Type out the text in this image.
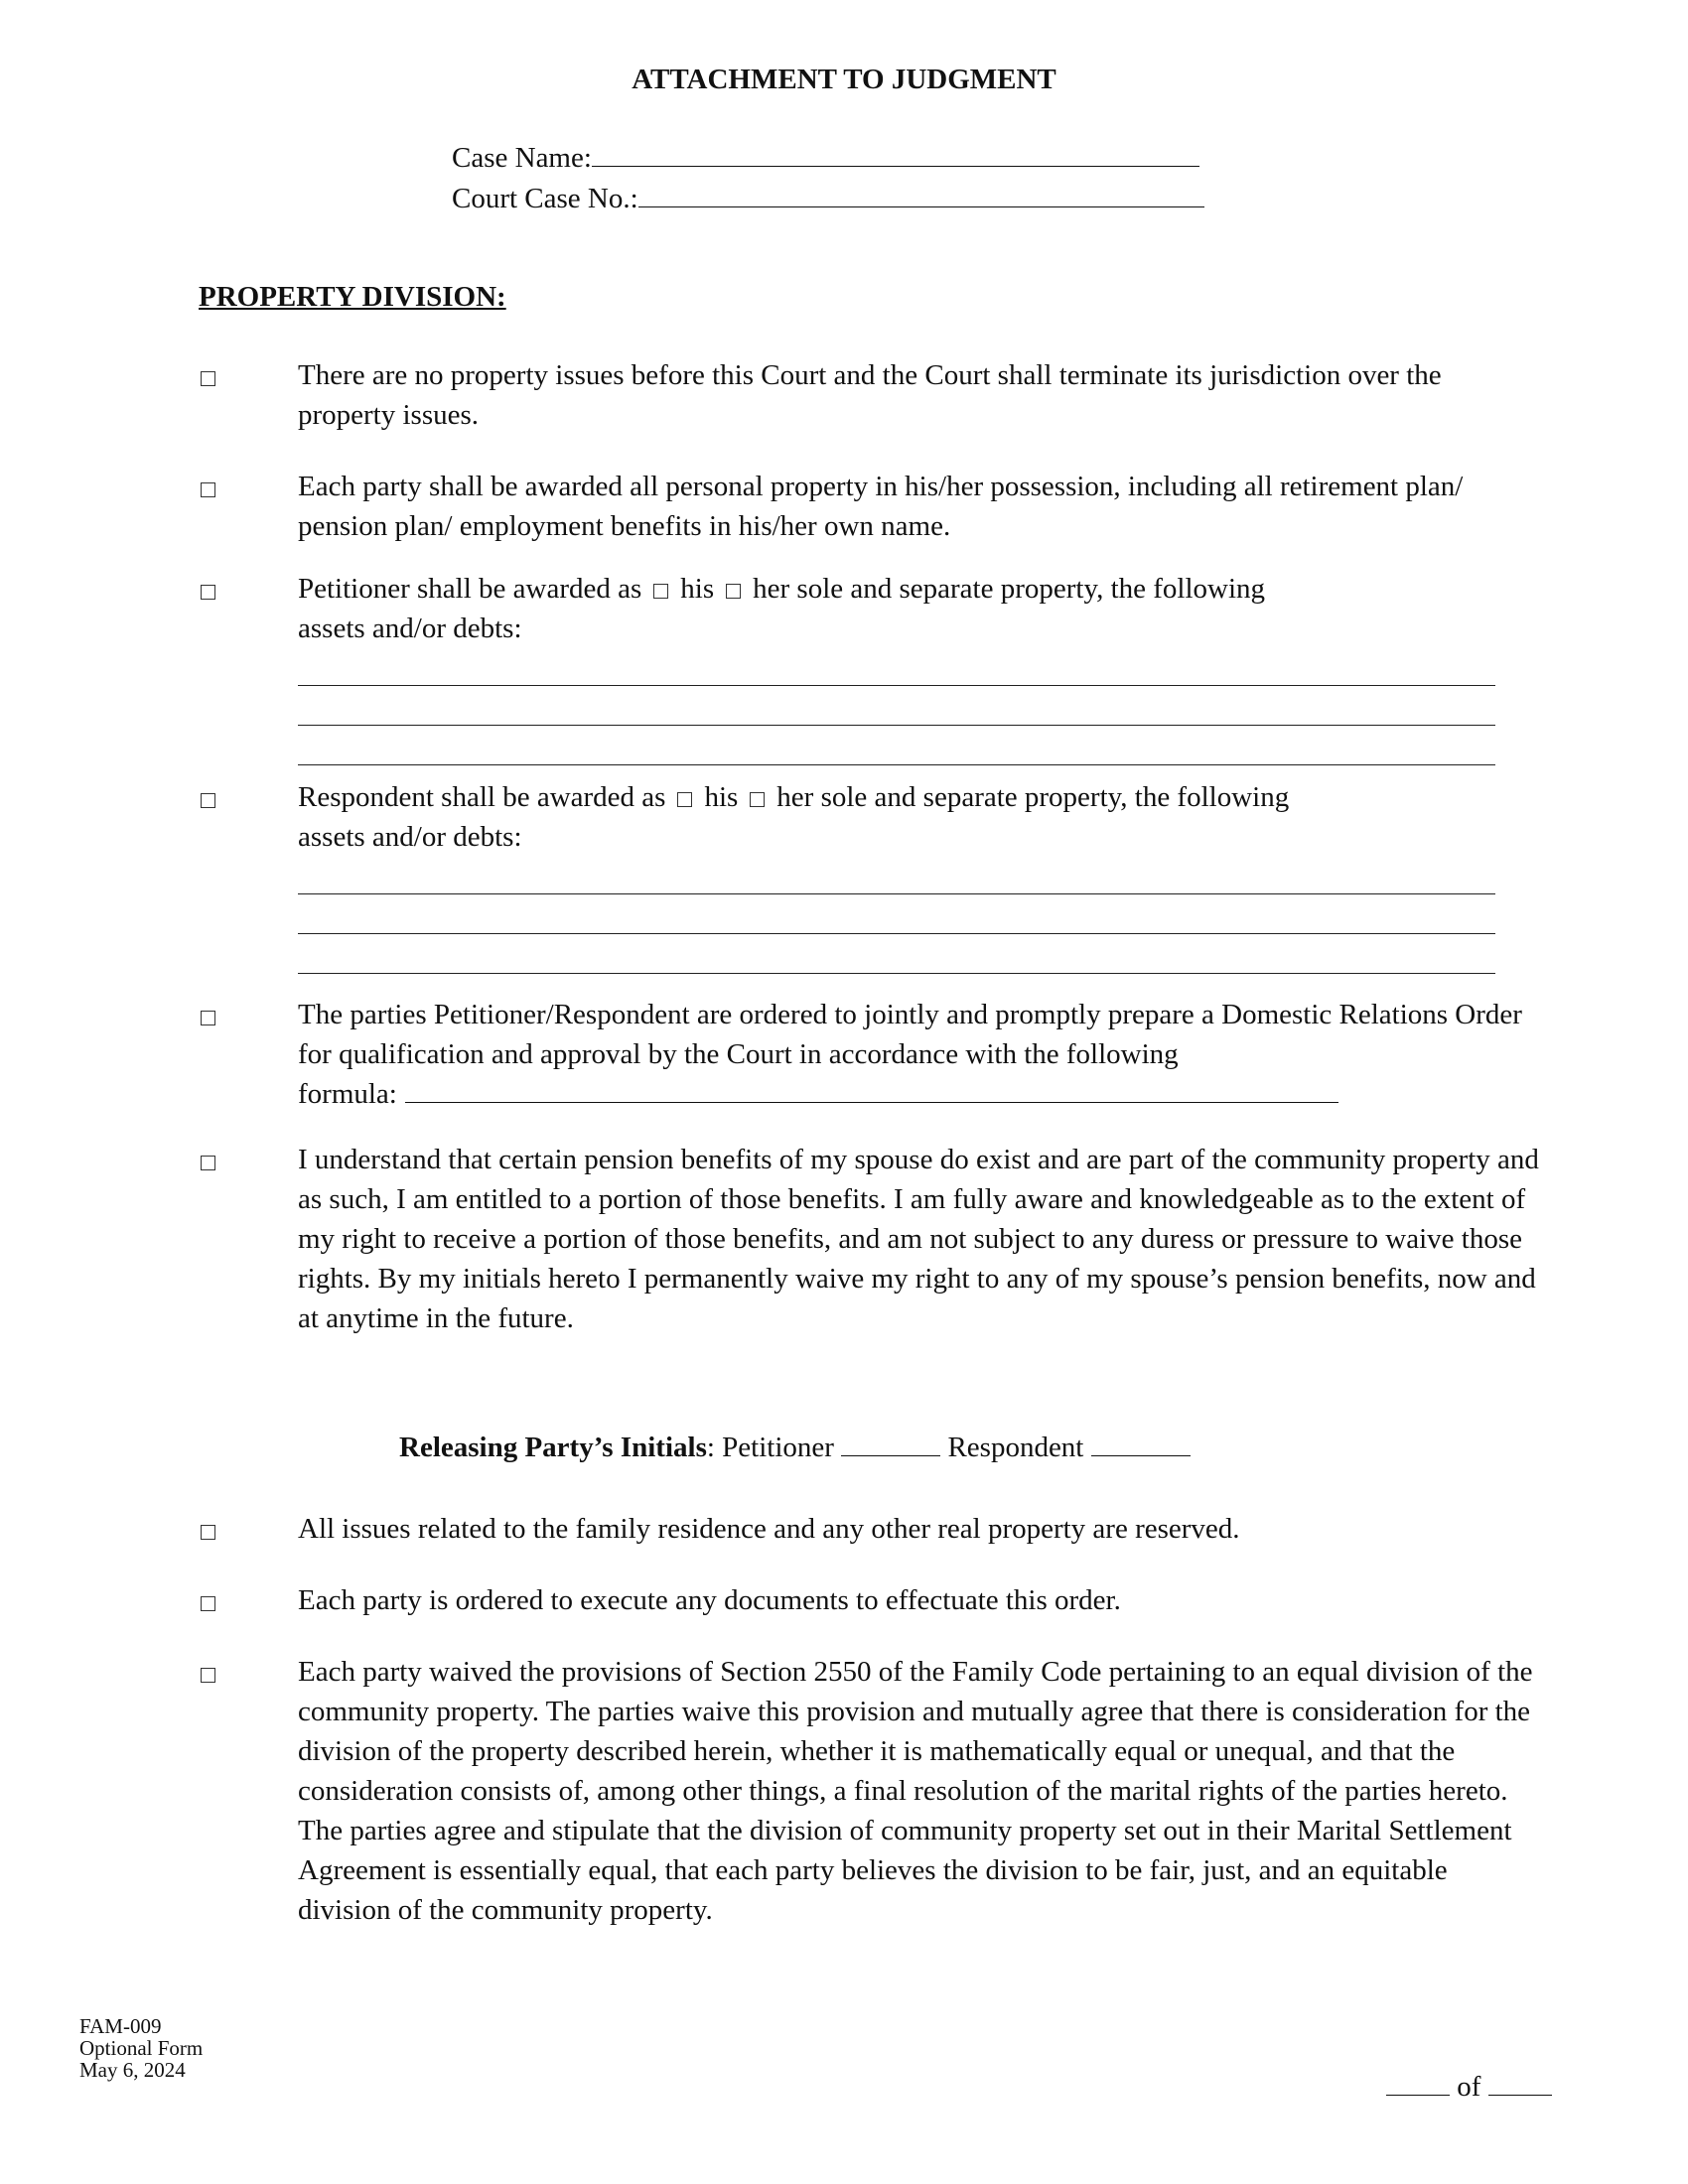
ATTACHMENT TO JUDGMENT
Case Name:
Court Case No.:
PROPERTY DIVISION:
There are no property issues before this Court and the Court shall terminate its jurisdiction over the property issues.
Each party shall be awarded all personal property in his/her possession, including all retirement plan/ pension plan/ employment benefits in his/her own name.
Petitioner shall be awarded as his her sole and separate property, the following
assets and/or debts:
Respondent shall be awarded as his her sole and separate property, the following
assets and/or debts:
The parties Petitioner/Respondent are ordered to jointly and promptly prepare a Domestic Relations Order for qualification and approval by the Court in accordance with the following
formula:
I understand that certain pension benefits of my spouse do exist and are part of the community property and as such, I am entitled to a portion of those benefits. I am fully aware and knowledgeable as to the extent of my right to receive a portion of those benefits, and am not subject to any duress or pressure to waive those rights. By my initials hereto I permanently waive my right to any of my spouse’s pension benefits, now and at anytime in the future.
Releasing Party’s Initials: Petitioner	Respondent
All issues related to the family residence and any other real property are reserved.
Each party is ordered to execute any documents to effectuate this order.
Each party waived the provisions of Section 2550 of the Family Code pertaining to an equal division of the community property. The parties waive this provision and mutually agree that there is consideration for the division of the property described herein, whether it is mathematically equal or unequal, and that the consideration consists of, among other things, a final resolution of the marital rights of the parties hereto. The parties agree and stipulate that the division of community property set out in their Marital Settlement Agreement is essentially equal, that each party believes the division to be fair, just, and an equitable division of the community property.
FAM-009
Optional Form
May 6, 2024
of
